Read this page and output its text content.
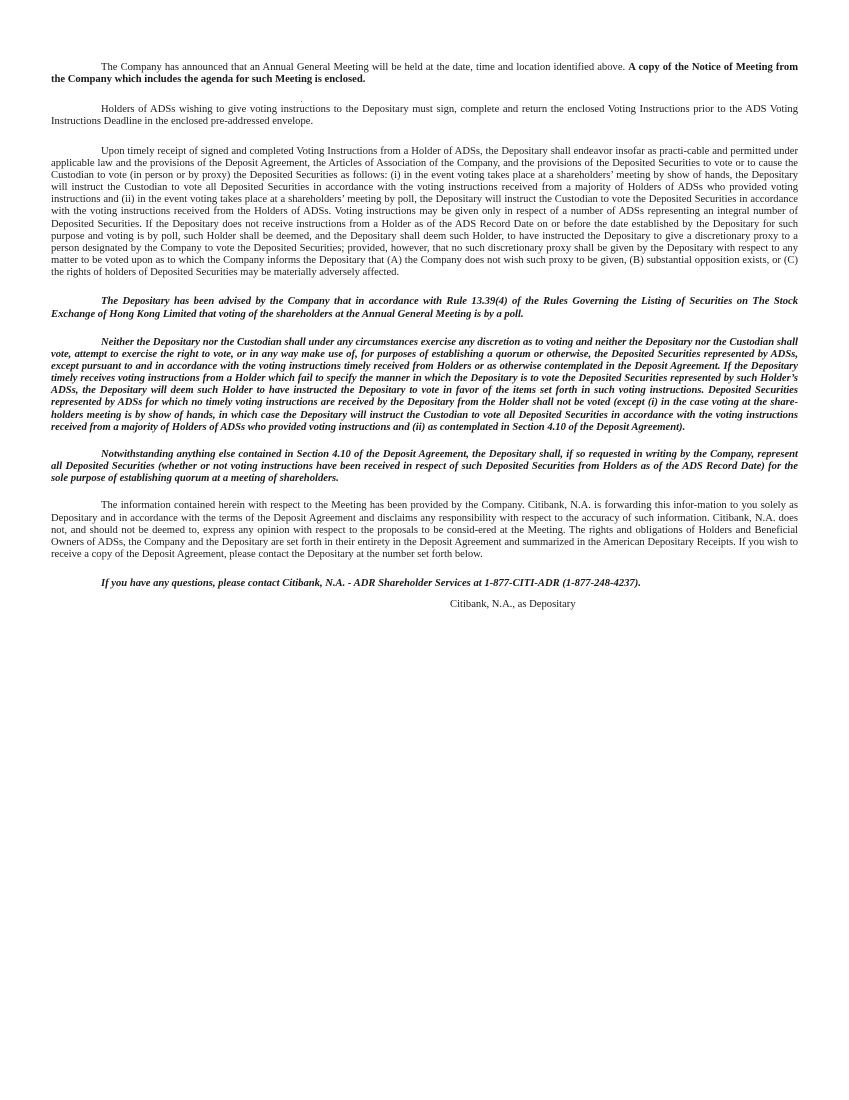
The Company has announced that an Annual General Meeting will be held at the date, time and location identified above. A copy of the Notice of Meeting from the Company which includes the agenda for such Meeting is enclosed.

Holders of ADSs wishing to give voting instructions to the Depositary must sign, complete and return the enclosed Voting Instructions prior to the ADS Voting Instructions Deadline in the enclosed pre-addressed envelope.

Upon timely receipt of signed and completed Voting Instructions from a Holder of ADSs, the Depositary shall endeavor insofar as practi-cable and permitted under applicable law and the provisions of the Deposit Agreement, the Articles of Association of the Company, and the provisions of the Deposited Securities to vote or to cause the Custodian to vote (in person or by proxy) the Deposited Securities as follows: (i) in the event voting takes place at a shareholders’ meeting by show of hands, the Depositary will instruct the Custodian to vote all Deposited Securities in accordance with the voting instructions received from a majority of Holders of ADSs who provided voting instructions and (ii) in the event voting takes place at a shareholders’ meeting by poll, the Depositary will instruct the Custodian to vote the Deposited Securities in accordance with the voting instructions received from the Holders of ADSs. Voting instructions may be given only in respect of a number of ADSs representing an integral number of Deposited Securities. If the Depositary does not receive instructions from a Holder as of the ADS Record Date on or before the date established by the Depositary for such purpose and voting is by poll, such Holder shall be deemed, and the Depositary shall deem such Holder, to have instructed the Depositary to give a discretionary proxy to a person designated by the Company to vote the Deposited Securities; provided, however, that no such discretionary proxy shall be given by the Depositary with respect to any matter to be voted upon as to which the Company informs the Depositary that (A) the Company does not wish such proxy to be given, (B) substantial opposition exists, or (C) the rights of holders of Deposited Securities may be materially adversely affected.

The Depositary has been advised by the Company that in accordance with Rule 13.39(4) of the Rules Governing the Listing of Securities on The Stock Exchange of Hong Kong Limited that voting of the shareholders at the Annual General Meeting is by a poll.

Neither the Depositary nor the Custodian shall under any circumstances exercise any discretion as to voting and neither the Depositary nor the Custodian shall vote, attempt to exercise the right to vote, or in any way make use of, for purposes of establishing a quorum or otherwise, the Deposited Securities represented by ADSs, except pursuant to and in accordance with the voting instructions timely received from Holders or as otherwise contemplated in the Deposit Agreement. If the Depositary timely receives voting instructions from a Holder which fail to specify the manner in which the Depositary is to vote the Deposited Securities represented by such Holder’s ADSs, the Depositary will deem such Holder to have instructed the Depositary to vote in favor of the items set forth in such voting instructions. Deposited Securities represented by ADSs for which no timely voting instructions are received by the Depositary from the Holder shall not be voted (except (i) in the case voting at the share-holders meeting is by show of hands, in which case the Depositary will instruct the Custodian to vote all Deposited Securities in accordance with the voting instructions received from a majority of Holders of ADSs who provided voting instructions and (ii) as contemplated in Section 4.10 of the Deposit Agreement).

Notwithstanding anything else contained in Section 4.10 of the Deposit Agreement, the Depositary shall, if so requested in writing by the Company, represent all Deposited Securities (whether or not voting instructions have been received in respect of such Deposited Securities from Holders as of the ADS Record Date) for the sole purpose of establishing quorum at a meeting of shareholders.

The information contained herein with respect to the Meeting has been provided by the Company. Citibank, N.A. is forwarding this infor-mation to you solely as Depositary and in accordance with the terms of the Deposit Agreement and disclaims any responsibility with respect to the accuracy of such information. Citibank, N.A. does not, and should not be deemed to, express any opinion with respect to the proposals to be consid-ered at the Meeting. The rights and obligations of Holders and Beneficial Owners of ADSs, the Company and the Depositary are set forth in their entirety in the Deposit Agreement and summarized in the American Depositary Receipts. If you wish to receive a copy of the Deposit Agreement, please contact the Depositary at the number set forth below.

If you have any questions, please contact Citibank, N.A. - ADR Shareholder Services at 1-877-CITI-ADR (1-877-248-4237).

Citibank, N.A., as Depositary
